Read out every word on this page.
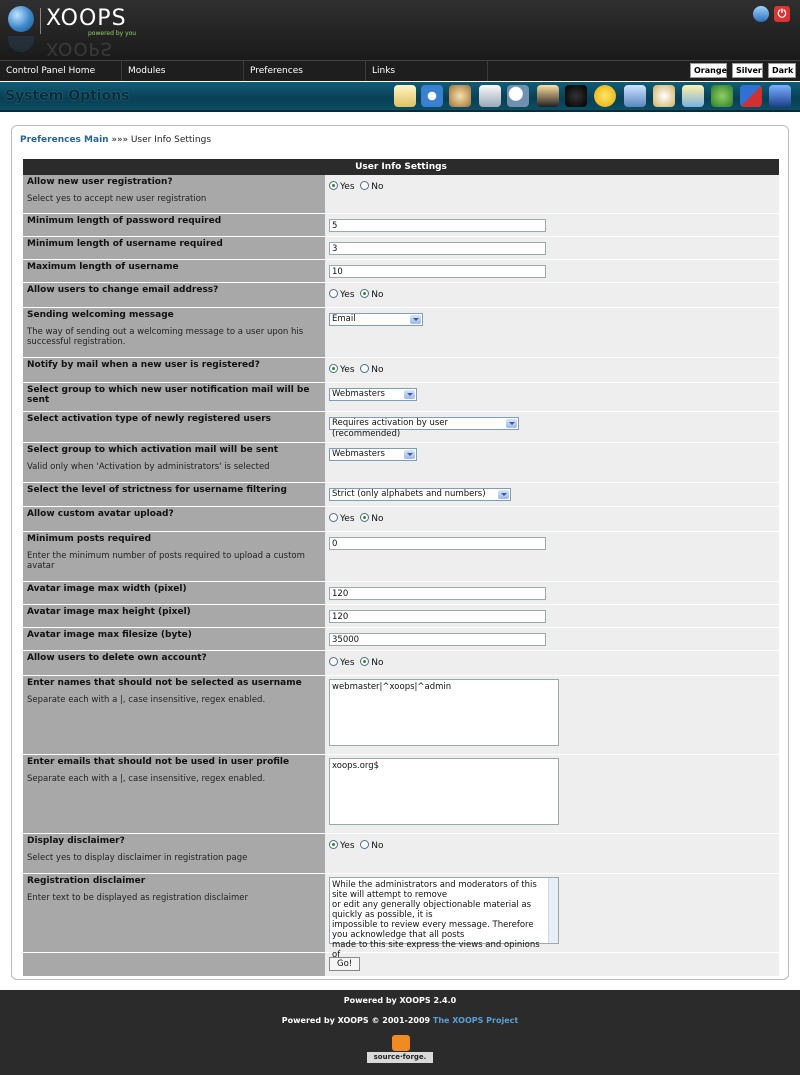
XOOPS
powered by you
XOOPS
⏻
Control Panel Home	Modules	Preferences	Links	Orange	Silver	Dark
System Options
Preferences Main »»» User Info Settings
User Info Settings	

Allow new user registration?
Select yes to accept new user registration	Yes No

Minimum length of password required	5

Minimum length of username required	3

Maximum length of username	10

Allow users to change email address?	Yes No

Sending welcoming message
The way of sending out a welcoming message to a user upon his successful registration.	Email

Notify by mail when a new user is registered?	Yes No

Select group to which new user notification mail will be sent	Webmasters

Select activation type of newly registered users	Requires activation by user (recommended)

Select group to which activation mail will be sent
Valid only when 'Activation by administrators' is selected	Webmasters

Select the level of strictness for username filtering	Strict (only alphabets and numbers)

Allow custom avatar upload?	Yes No

Minimum posts required
Enter the minimum number of posts required to upload a custom avatar	0

Avatar image max width (pixel)	120

Avatar image max height (pixel)	120

Avatar image max filesize (byte)	35000

Allow users to delete own account?	Yes No

Enter names that should not be selected as username
Separate each with a |, case insensitive, regex enabled.	webmaster|^xoops|^admin

Enter emails that should not be used in user profile
Separate each with a |, case insensitive, regex enabled.	xoops.org$

Display disclaimer?
Select yes to display disclaimer in registration page	Yes No

Registration disclaimer
Enter text to be displayed as registration disclaimer	While the administrators and moderators of this site will attempt to remove
or edit any generally objectionable material as quickly as possible, it is
impossible to review every message. Therefore you acknowledge that all posts
made to this site express the views and opinions of

	Go!
Powered by XOOPS 2.4.0
Powered by XOOPS © 2001-2009 The XOOPS Project
source·forge.
